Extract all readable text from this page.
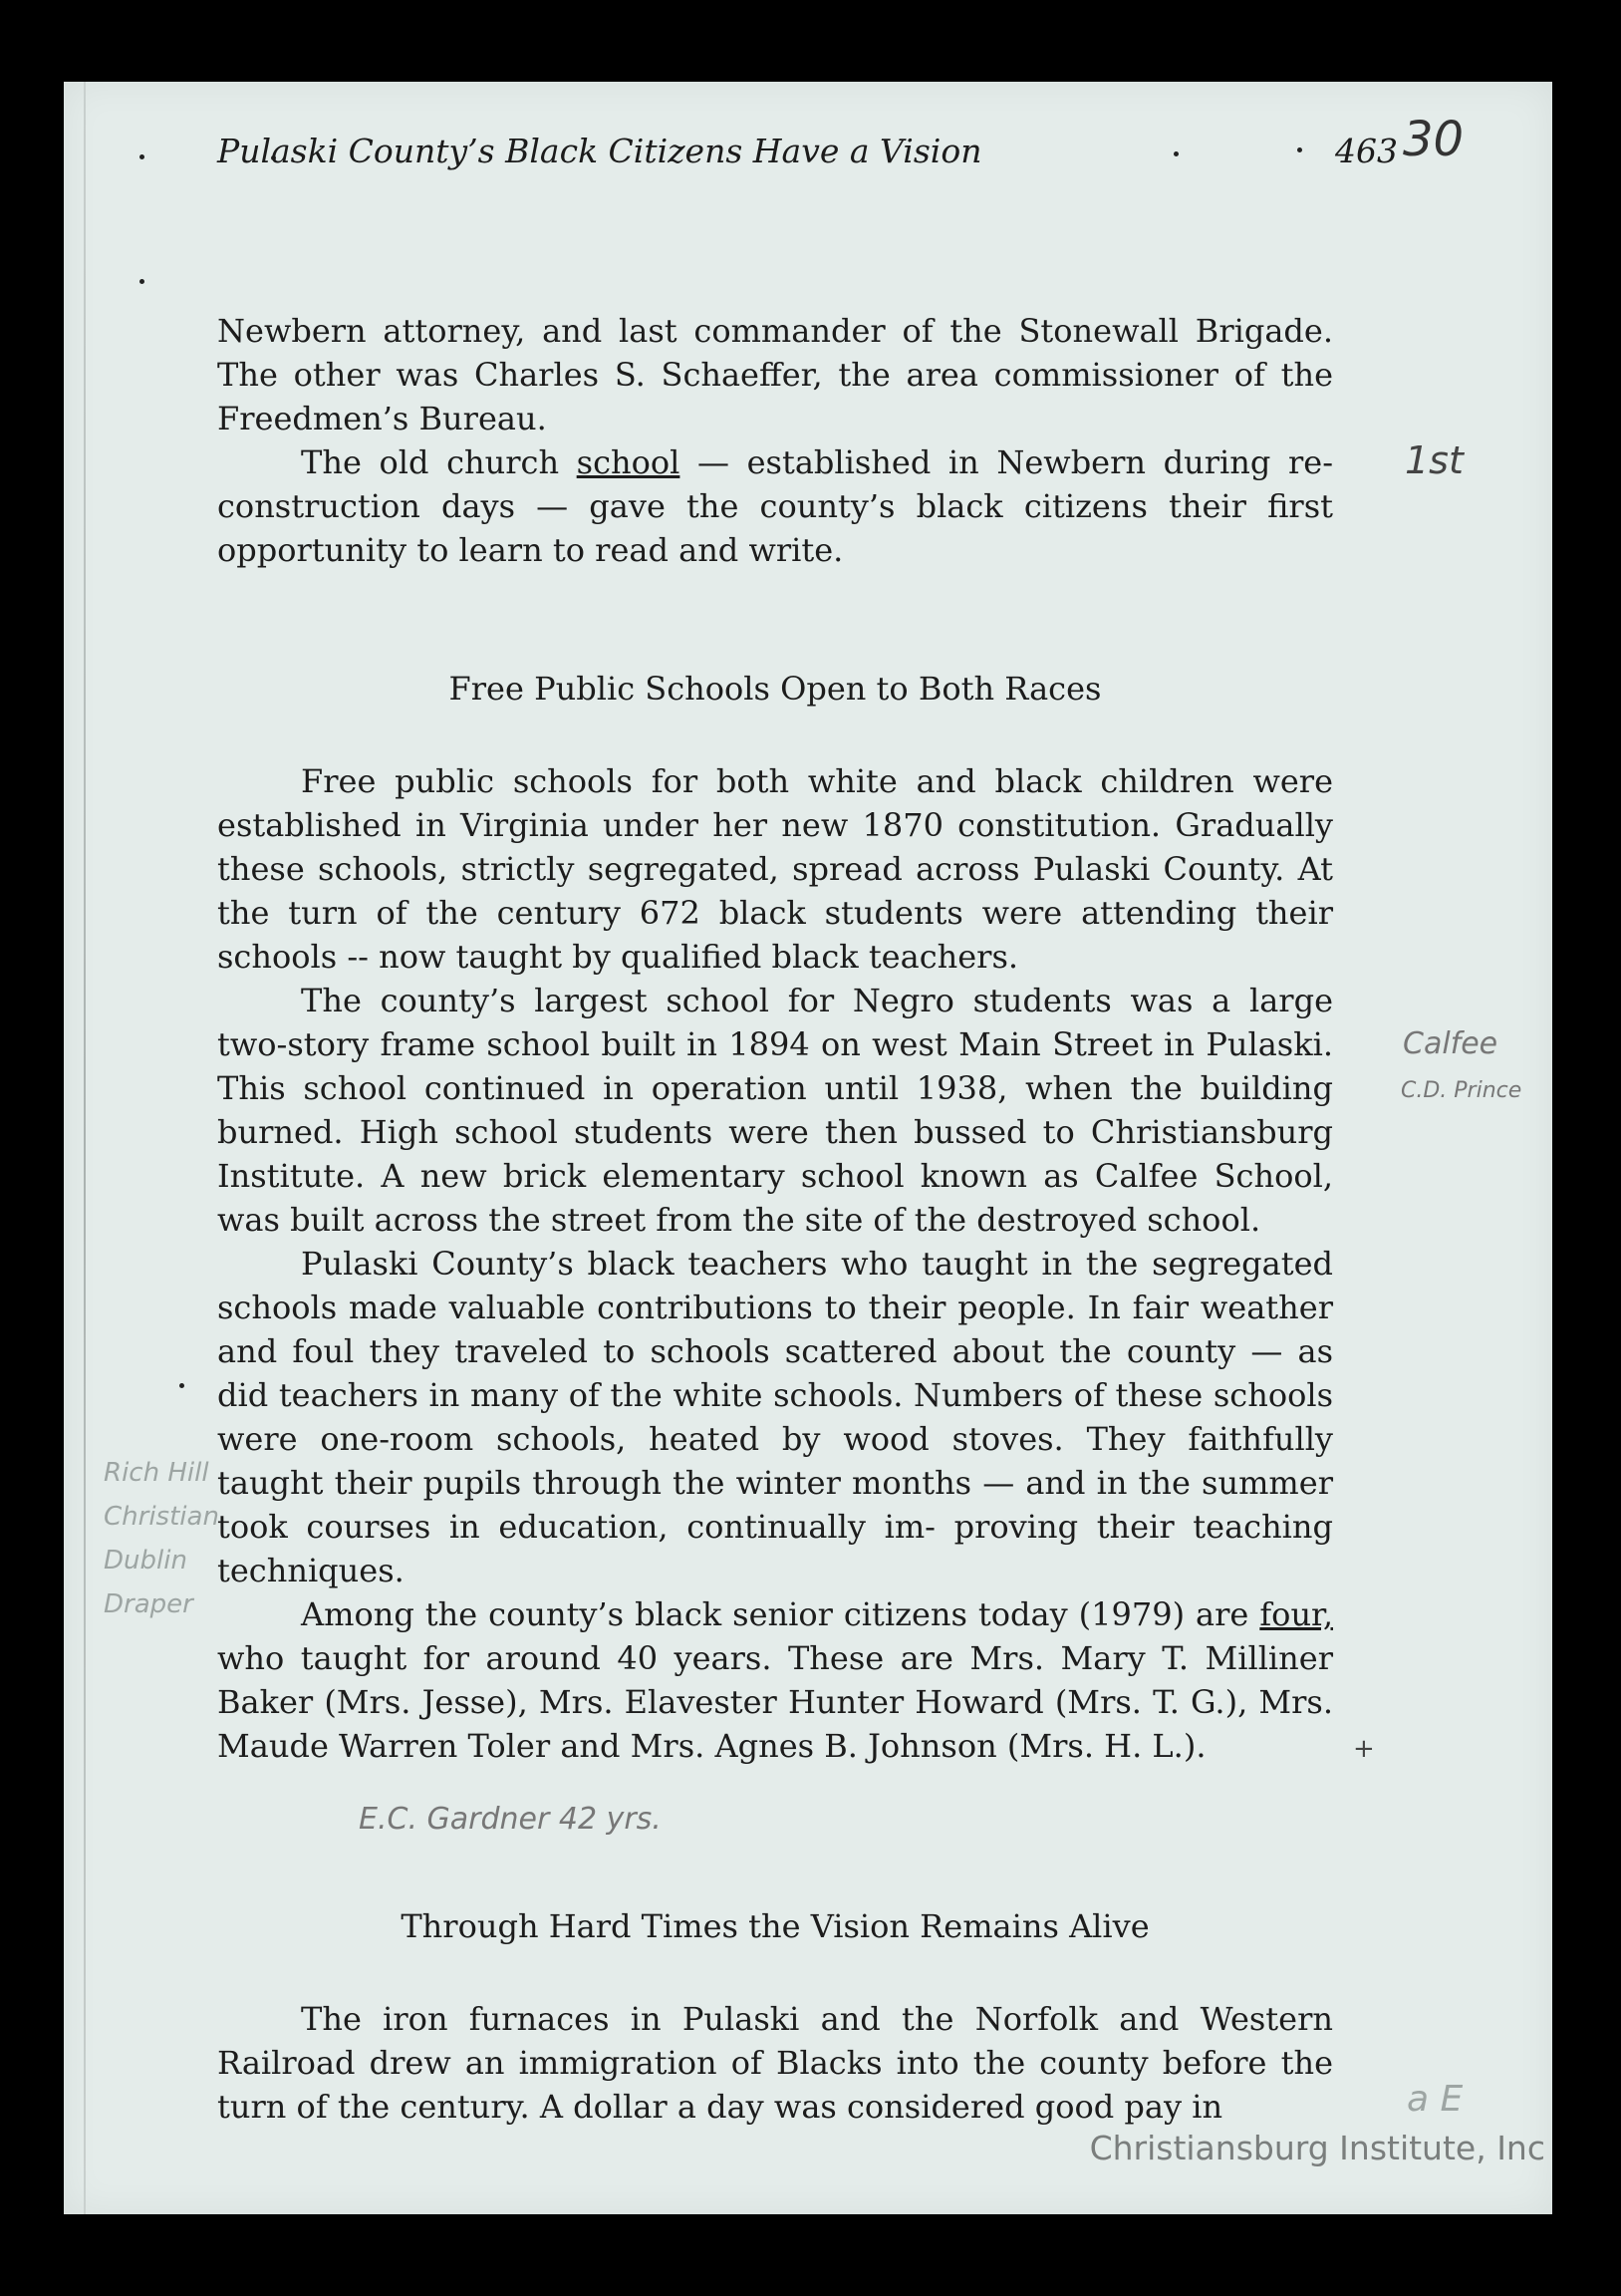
30
Pulaski County’s Black Citizens Have a Vision	463

Newbern attorney, and last commander of the Stonewall Brigade. The other was Charles S. Schaeffer, the area commissioner of the Freedmen’s Bureau.

The old church school — established in Newbern during re- construction days — gave the county’s black citizens their first opportunity to learn to read and write.

1st
Free Public Schools Open to Both Races

Free public schools for both white and black children were established in Virginia under her new 1870 constitution. Gradually these schools, strictly segregated, spread across Pulaski County. At the turn of the century 672 black students were attending their schools -- now taught by qualified black teachers.

The county’s largest school for Negro students was a large two-story frame school built in 1894 on west Main Street in Pulaski. This school continued in operation until 1938, when the building burned. High school students were then bussed to Christiansburg Institute. A new brick elementary school known as Calfee School, was built across the street from the site of the destroyed school.

Pulaski County’s black teachers who taught in the segregated schools made valuable contributions to their people. In fair weather and foul they traveled to schools scattered about the county — as did teachers in many of the white schools. Numbers of these schools were one-room schools, heated by wood stoves. They faithfully taught their pupils through the winter months — and in the summer took courses in education, continually im- proving their teaching techniques.

Among the county’s black senior citizens today (1979) are four, who taught for around 40 years. These are Mrs. Mary T. Milliner Baker (Mrs. Jesse), Mrs. Elavester Hunter Howard (Mrs. T. G.), Mrs. Maude Warren Toler and Mrs. Agnes B. Johnson (Mrs. H. L.).

Calfee
C.D. Prince
+
E.C. Gardner 42 yrs.
Rich Hill
Christian
Dublin
Draper
Through Hard Times the Vision Remains Alive

The iron furnaces in Pulaski and the Norfolk and Western Railroad drew an immigration of Blacks into the county before the turn of the century. A dollar a day was considered good pay in	a E
Christiansburg Institute, Inc
